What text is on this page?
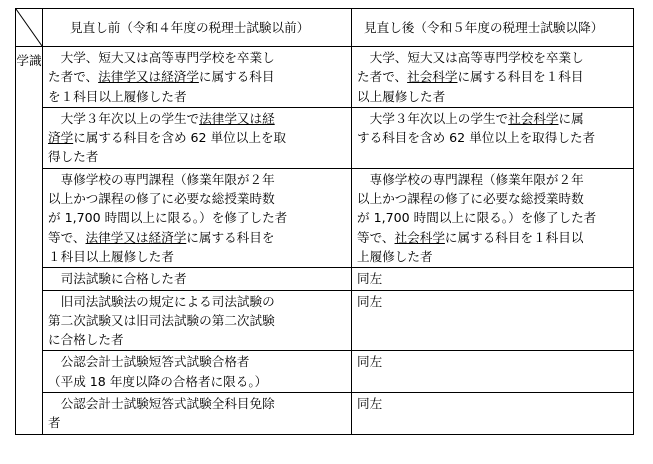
	見直し前（令和４年度の税理士試験以前）	見直し後（令和５年度の税理士試験以降）
学識	　大学、短大又は高等専門学校を卒業し
た者で、法律学又は経済学に属する科目
を１科目以上履修した者	　大学、短大又は高等専門学校を卒業し
た者で、社会科学に属する科目を１科目
以上履修した者

	　大学３年次以上の学生で法律学又は経
済学に属する科目を含め 62 単位以上を取
得した者	　大学３年次以上の学生で社会科学に属
する科目を含め 62 単位以上を取得した者

	　専修学校の専門課程（修業年限が２年
以上かつ課程の修了に必要な総授業時数
が 1,700 時間以上に限る。）を修了した者
等で、法律学又は経済学に属する科目を
１科目以上履修した者	　専修学校の専門課程（修業年限が２年
以上かつ課程の修了に必要な総授業時数
が 1,700 時間以上に限る。）を修了した者
等で、社会科学に属する科目を１科目以
上履修した者

	　司法試験に合格した者	同左

	　旧司法試験法の規定による司法試験の
第二次試験又は旧司法試験の第二次試験
に合格した者	同左

	　公認会計士試験短答式試験合格者
（平成 18 年度以降の合格者に限る。）	同左

	　公認会計士試験短答式試験全科目免除
者	同左
